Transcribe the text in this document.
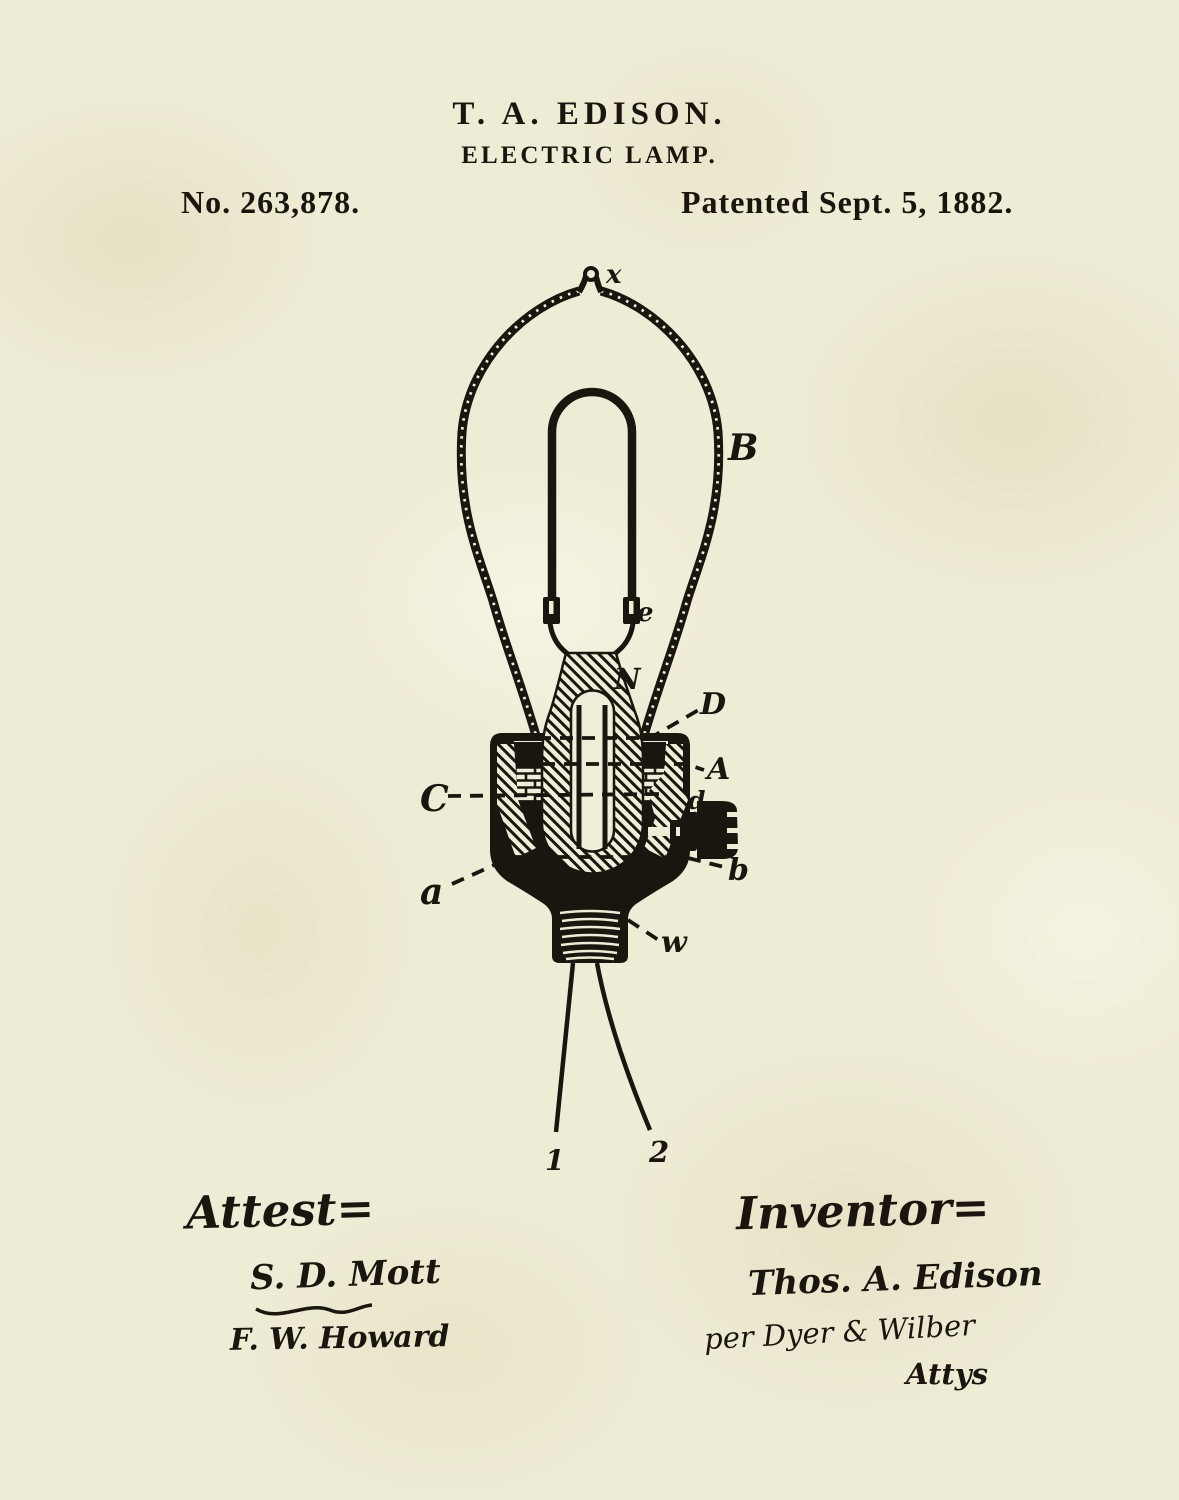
T. A. EDISON.
ELECTRIC LAMP.
No. 263,878.	Patented Sept. 5, 1882.
x
B
e
N
D
A
C	d
a
b
w
1	2
Attest=
S. D. Mott
F. W. Howard
Inventor=
Thos. A. Edison
per Dyer & Wilber
Attys
